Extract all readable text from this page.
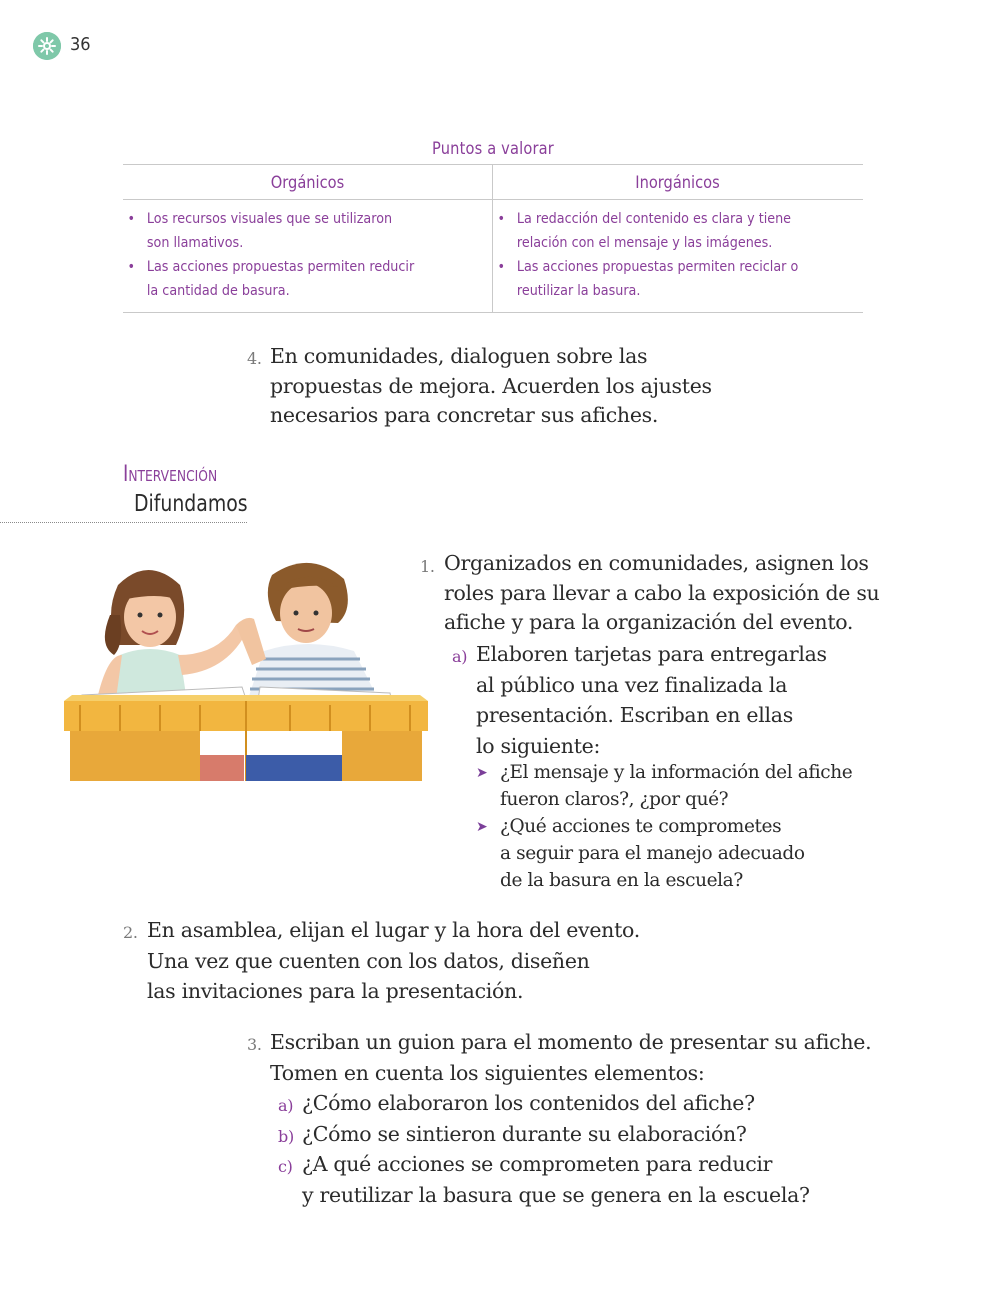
36
Puntos a valorar
Orgánicos	Inorgánicos
• Los recursos visuales que se utilizaron son llamativos.
• Las acciones propuestas permiten reducir la cantidad de basura.
• La redacción del contenido es clara y tiene relación con el mensaje y las imágenes.
• Las acciones propuestas permiten reciclar o reutilizar la basura.
4. En comunidades, dialoguen sobre las
propuestas de mejora. Acuerden los ajustes
necesarios para concretar sus afiches.
Intervención
Difundamos
1. Organizados en comunidades, asignen los
roles para llevar a cabo la exposición de su
afiche y para la organización del evento.
a) Elaboren tarjetas para entregarlas
al público una vez finalizada la
presentación. Escriban en ellas
lo siguiente:
➤ ¿El mensaje y la información del afiche
fueron claros?, ¿por qué?
➤ ¿Qué acciones te comprometes
a seguir para el manejo adecuado
de la basura en la escuela?
2. En asamblea, elijan el lugar y la hora del evento.
Una vez que cuenten con los datos, diseñen
las invitaciones para la presentación.
3. Escriban un guion para el momento de presentar su afiche.
Tomen en cuenta los siguientes elementos:
a) ¿Cómo elaboraron los contenidos del afiche?
b) ¿Cómo se sintieron durante su elaboración?
c) ¿A qué acciones se comprometen para reducir
y reutilizar la basura que se genera en la escuela?
